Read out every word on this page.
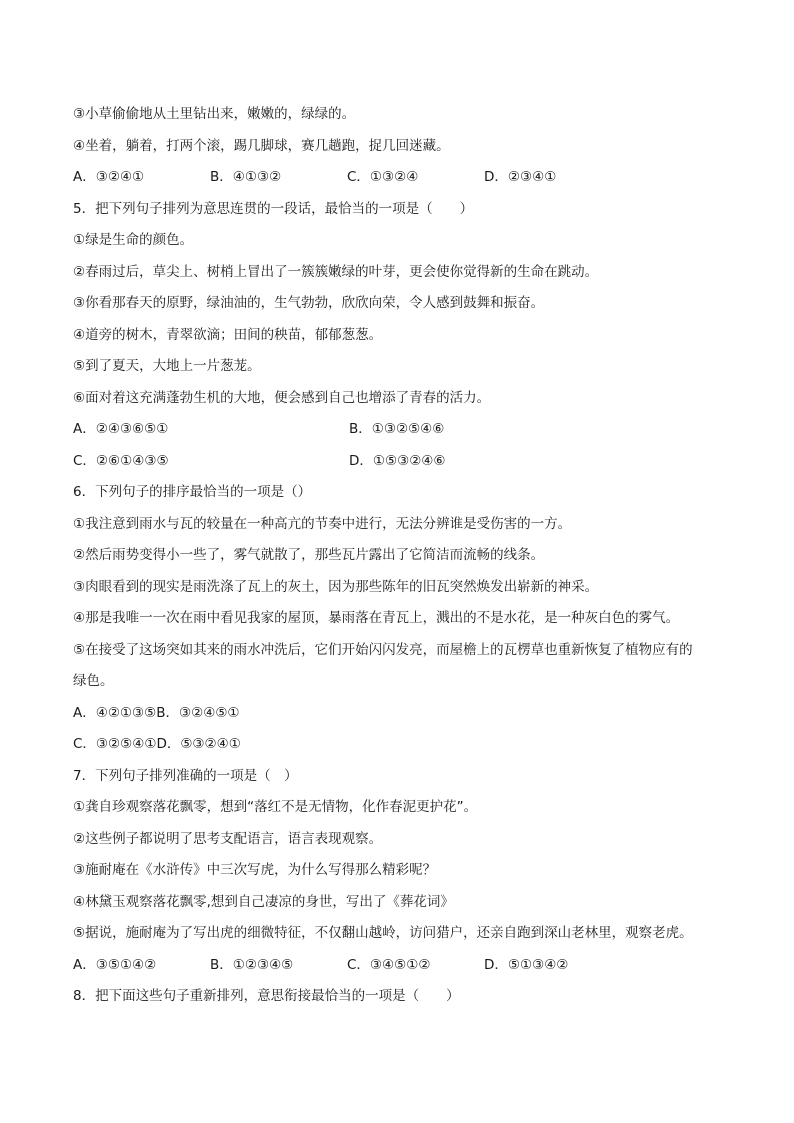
③小草偷偷地从土里钻出来，嫩嫩的，绿绿的。
④坐着，躺着，打两个滚，踢几脚球，赛几趟跑，捉几回迷藏。
A．③②④①	B．④①③②	C．①③②④	D．②③④①
5．把下列句子排列为意思连贯的一段话，最恰当的一项是（　　）
①绿是生命的颜色。
②春雨过后，草尖上、树梢上冒出了一簇簇嫩绿的叶芽，更会使你觉得新的生命在跳动。
③你看那春天的原野，绿油油的，生气勃勃，欣欣向荣，令人感到鼓舞和振奋。
④道旁的树木，青翠欲滴；田间的秧苗，郁郁葱葱。
⑤到了夏天，大地上一片葱茏。
⑥面对着这充满蓬勃生机的大地，便会感到自己也增添了青春的活力。
A．②④③⑥⑤①	B．①③②⑤④⑥
C．②⑥①④③⑤	D．①⑤③②④⑥
6．下列句子的排序最恰当的一项是（）
①我注意到雨水与瓦的较量在一种高亢的节奏中进行，无法分辨谁是受伤害的一方。
②然后雨势变得小一些了，雾气就散了，那些瓦片露出了它简洁而流畅的线条。
③肉眼看到的现实是雨洗涤了瓦上的灰土，因为那些陈年的旧瓦突然焕发出崭新的神采。
④那是我唯一一次在雨中看见我家的屋顶，暴雨落在青瓦上，溅出的不是水花，是一种灰白色的雾气。
⑤在接受了这场突如其来的雨水冲洗后，它们开始闪闪发亮，而屋檐上的瓦楞草也重新恢复了植物应有的
绿色。
A．④②①③⑤B．③②④⑤①
C．③②⑤④①D．⑤③②④①
7．下列句子排列准确的一项是（　）
①龚自珍观察落花飘零，想到“落红不是无情物，化作春泥更护花”。
②这些例子都说明了思考支配语言，语言表现观察。
③施耐庵在《水浒传》中三次写虎，为什么写得那么精彩呢？
④林黛玉观察落花飘零,想到自己凄凉的身世，写出了《葬花词》
⑤据说，施耐庵为了写出虎的细微特征，不仅翻山越岭，访问猎户，还亲自跑到深山老林里，观察老虎。
A．③⑤①④②	B．①②③④⑤	C．③④⑤①②	D．⑤①③④②
8．把下面这些句子重新排列，意思衔接最恰当的一项是（　　）
